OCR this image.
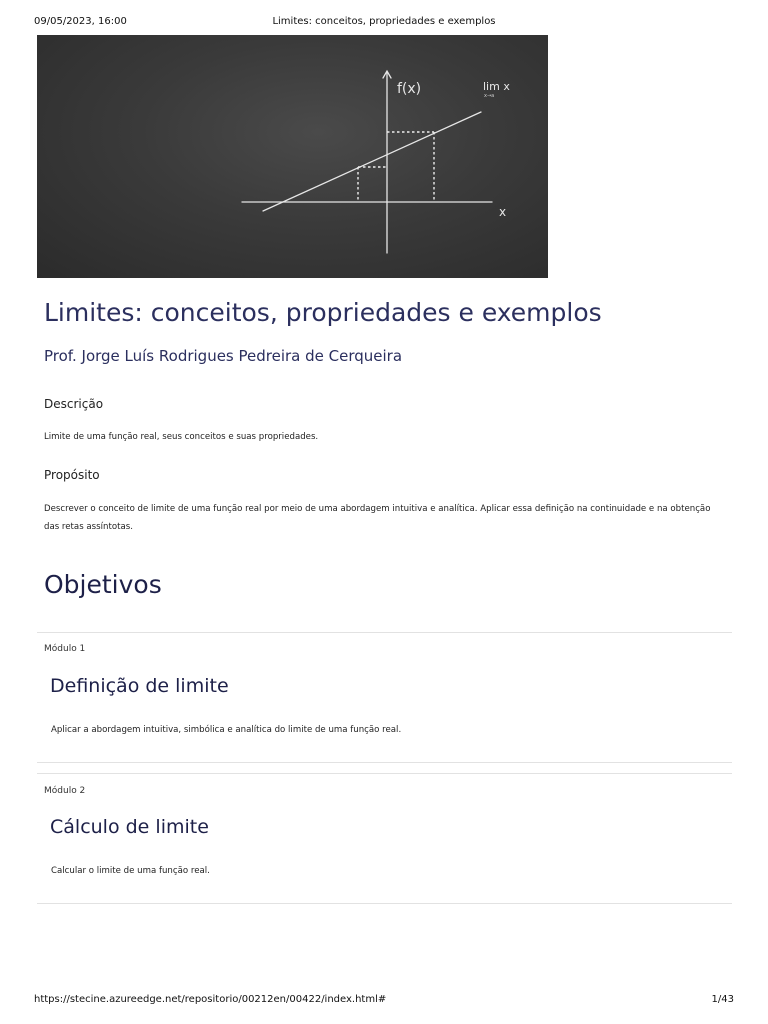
09/05/2023, 16:00	Limites: conceitos, propriedades e exemplos
f(x)	lim x
x→a
x
Limites: conceitos, propriedades e exemplos

Prof. Jorge Luís Rodrigues Pedreira de Cerqueira

Descrição

Limite de uma função real, seus conceitos e suas propriedades.

Propósito

Descrever o conceito de limite de uma função real por meio de uma abordagem intuitiva e analítica. Aplicar essa definição na continuidade e na obtenção das retas assíntotas.

Objetivos

Módulo 1

Definição de limite

Aplicar a abordagem intuitiva, simbólica e analítica do limite de uma função real.

Módulo 2

Cálculo de limite

Calcular o limite de uma função real.

https://stecine.azureedge.net/repositorio/00212en/00422/index.html#	1/43
